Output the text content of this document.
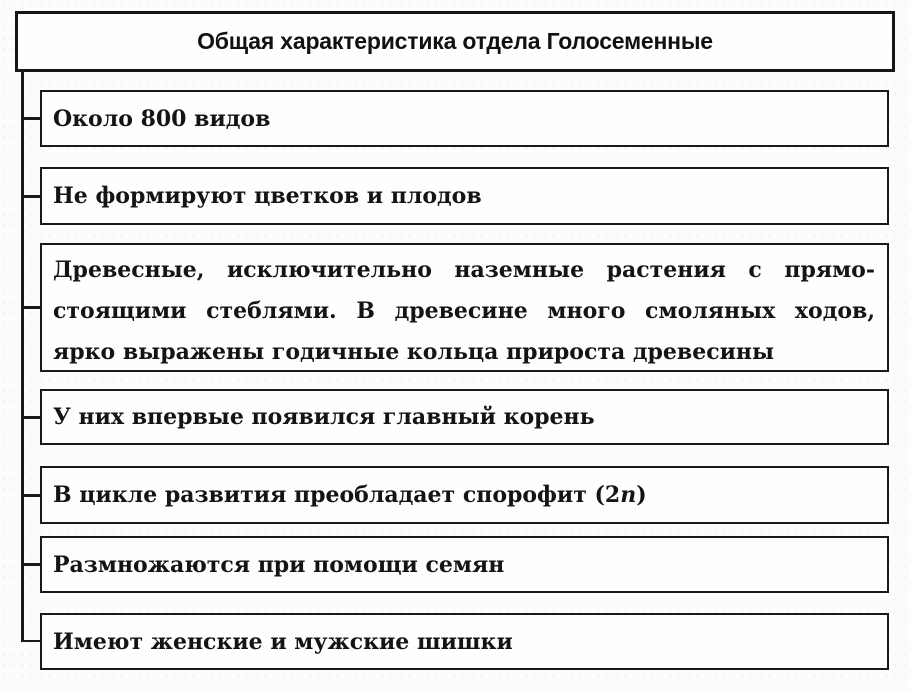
Общая характеристика отдела Голосеменные
Около 800 видов
Не формируют цветков и плодов
Древесные, исключительно наземные растения с прямо-
стоящими стеблями. В древесине много смоляных ходов,
ярко выражены годичные кольца прироста древесины
У них впервые появился главный корень
В цикле развития преобладает спорофит (2n)
Размножаются при помощи семян
Имеют женские и мужские шишки
